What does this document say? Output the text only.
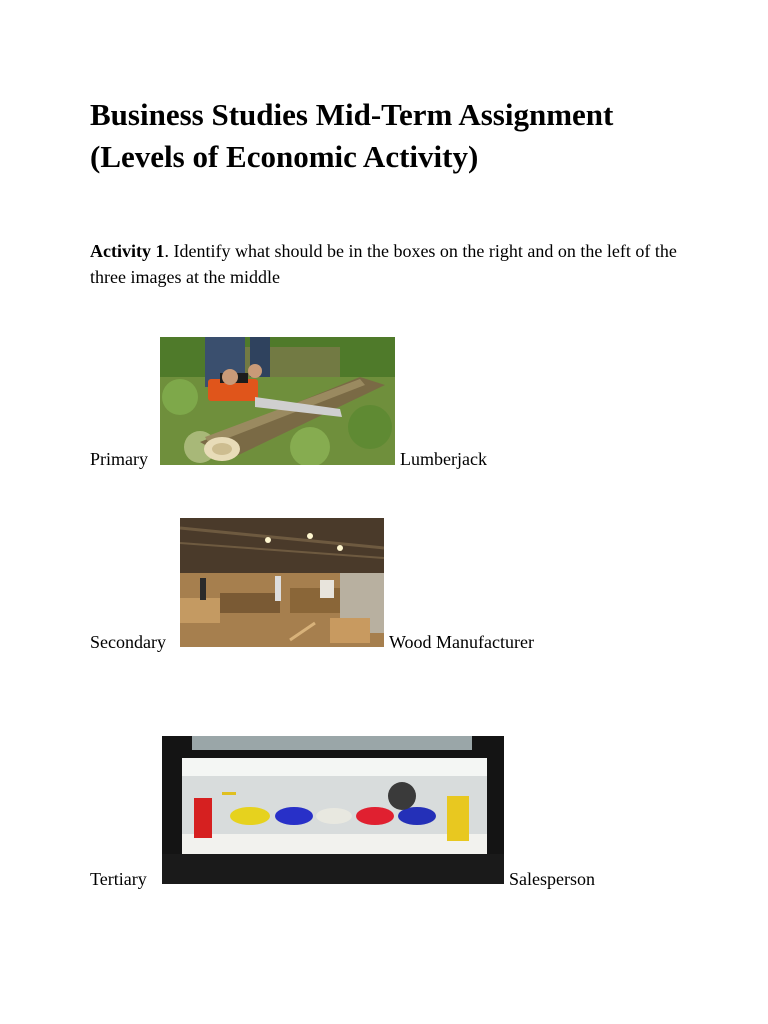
Business Studies Mid-Term Assignment
(Levels of Economic Activity)

Activity 1. Identify what should be in the boxes on the right and on the left of the three images at the middle

Primary	Lumberjack
Secondary	Wood Manufacturer
Tertiary	Salesperson
